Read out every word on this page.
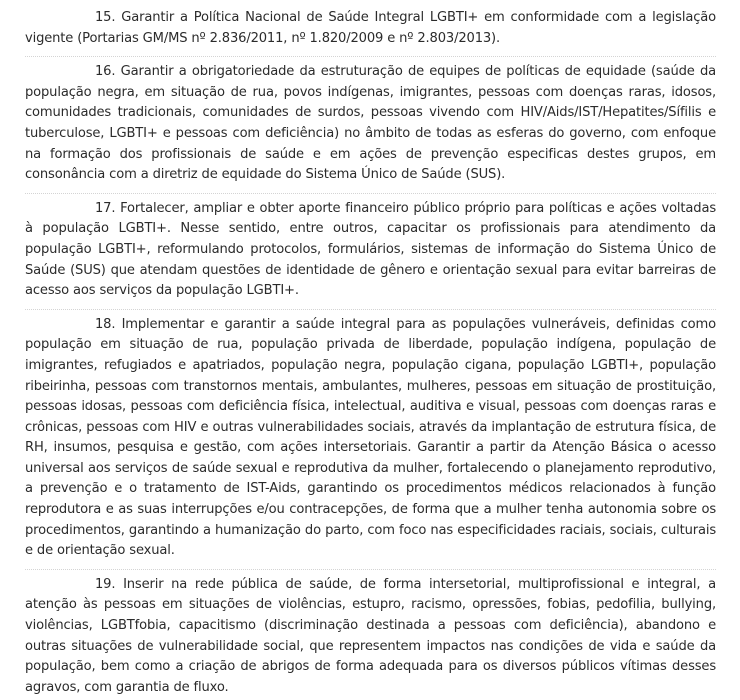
15. Garantir a Política Nacional de Saúde Integral LGBTI+ em conformidade com a legislação vigente (Portarias GM/MS nº 2.836/2011, nº 1.820/2009 e nº 2.803/2013).

16. Garantir a obrigatoriedade da estruturação de equipes de políticas de equidade (saúde da população negra, em situação de rua, povos indígenas, imigrantes, pessoas com doenças raras, idosos, comunidades tradicionais, comunidades de surdos, pessoas vivendo com HIV/Aids/IST/Hepatites/Sífilis e tuberculose, LGBTI+ e pessoas com deficiência) no âmbito de todas as esferas do governo, com enfoque na formação dos profissionais de saúde e em ações de prevenção especificas destes grupos, em consonância com a diretriz de equidade do Sistema Único de Saúde (SUS).

17. Fortalecer, ampliar e obter aporte financeiro público próprio para políticas e ações voltadas à população LGBTI+. Nesse sentido, entre outros, capacitar os profissionais para atendimento da população LGBTI+, reformulando protocolos, formulários, sistemas de informação do Sistema Único de Saúde (SUS) que atendam questões de identidade de gênero e orientação sexual para evitar barreiras de acesso aos serviços da população LGBTI+.

18. Implementar e garantir a saúde integral para as populações vulneráveis, definidas como população em situação de rua, população privada de liberdade, população indígena, população de imigrantes, refugiados e apatriados, população negra, população cigana, população LGBTI+, população ribeirinha, pessoas com transtornos mentais, ambulantes, mulheres, pessoas em situação de prostituição, pessoas idosas, pessoas com deficiência física, intelectual, auditiva e visual, pessoas com doenças raras e crônicas, pessoas com HIV e outras vulnerabilidades sociais, através da implantação de estrutura física, de RH, insumos, pesquisa e gestão, com ações intersetoriais. Garantir a partir da Atenção Básica o acesso universal aos serviços de saúde sexual e reprodutiva da mulher, fortalecendo o planejamento reprodutivo, a prevenção e o tratamento de IST-Aids, garantindo os procedimentos médicos relacionados à função reprodutora e as suas interrupções e/ou contracepções, de forma que a mulher tenha autonomia sobre os procedimentos, garantindo a humanização do parto, com foco nas especificidades raciais, sociais, culturais e de orientação sexual.

19. Inserir na rede pública de saúde, de forma intersetorial, multiprofissional e integral, a atenção às pessoas em situações de violências, estupro, racismo, opressões, fobias, pedofilia, bullying, violências, LGBTfobia, capacitismo (discriminação destinada a pessoas com deficiência), abandono e outras situações de vulnerabilidade social, que representem impactos nas condições de vida e saúde da população, bem como a criação de abrigos de forma adequada para os diversos públicos vítimas desses agravos, com garantia de fluxo.
